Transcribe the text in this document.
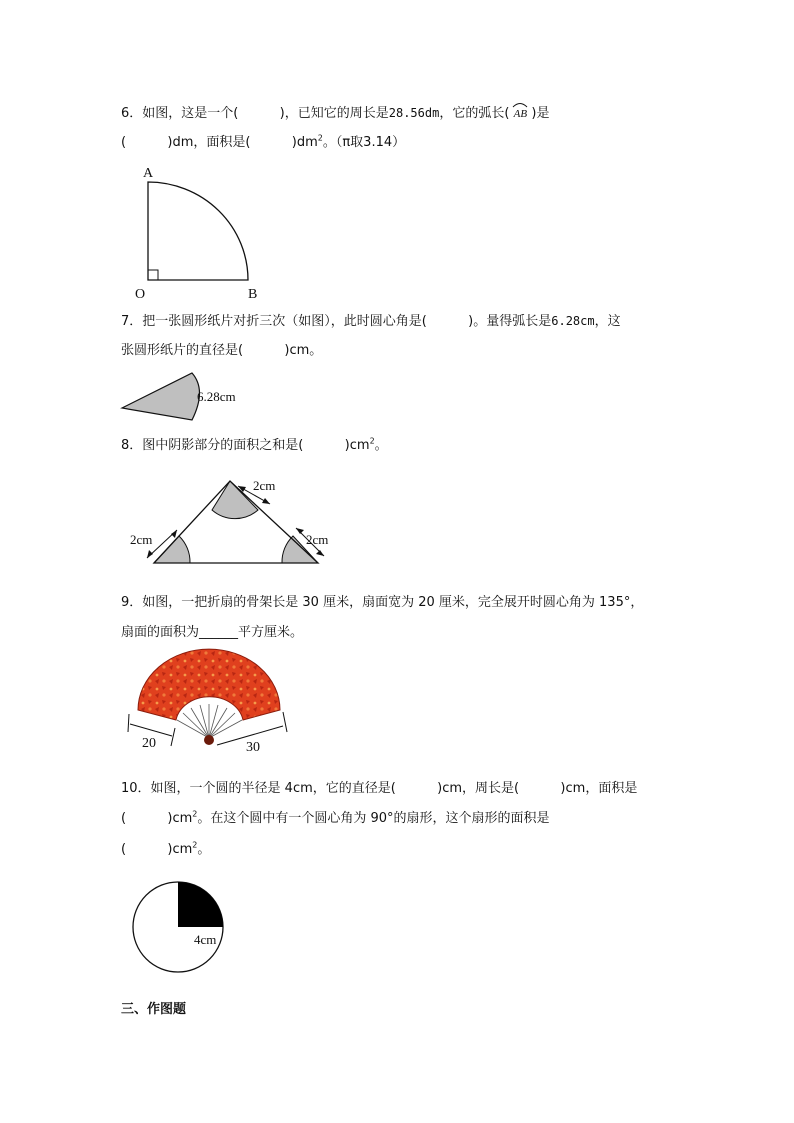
6．如图，这是一个(          )，已知它的周长是28.56dm，它的弧长( AB )是
(          )dm，面积是(          )$dm^2$。（π取3.14）
A
O	B
7．把一张圆形纸片对折三次（如图），此时圆心角是(          )。量得弧长是6.28cm，这
张圆形纸片的直径是(          )cm。
6.28cm
8．图中阴影部分的面积之和是(          )$cm^2$。
2cm
2cm	2cm
9．如图，一把折扇的骨架长是 30 厘米，扇面宽为 20 厘米，完全展开时圆心角为 135°，
扇面的面积为______平方厘米。
20	30
10．如图，一个圆的半径是 4cm，它的直径是(          )cm，周长是(          )cm，面积是
(          )$cm^2$。在这个圆中有一个圆心角为 90°的扇形，这个扇形的面积是
(          )$cm^2$。
4cm
三、作图题
